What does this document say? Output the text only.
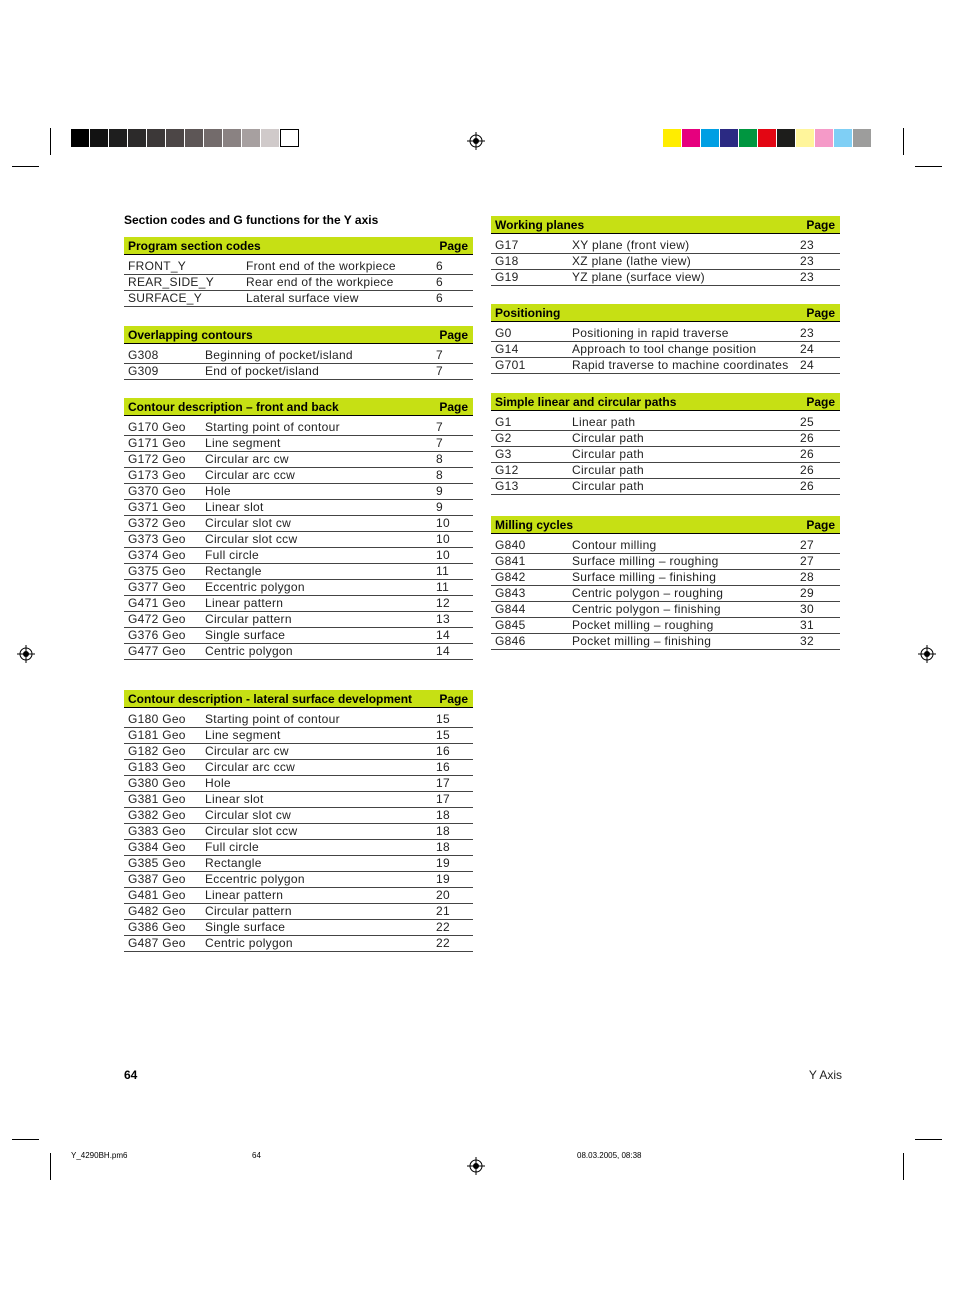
Section codes and G functions for the Y axis
Program section codes	Page
FRONT_Y	Front end of the workpiece	6
REAR_SIDE_Y	Rear end of the workpiece	6
SURFACE_Y	Lateral surface view	6
Overlapping contours	Page
G308	Beginning of pocket/island	7
G309	End of pocket/island	7
Contour description – front and back	Page
G170 Geo	Starting point of contour	7
G171 Geo	Line segment	7
G172 Geo	Circular arc cw	8
G173 Geo	Circular arc ccw	8
G370 Geo	Hole	9
G371 Geo	Linear slot	9
G372 Geo	Circular slot cw	10
G373 Geo	Circular slot ccw	10
G374 Geo	Full circle	10
G375 Geo	Rectangle	11
G377 Geo	Eccentric polygon	11
G471 Geo	Linear pattern	12
G472 Geo	Circular pattern	13
G376 Geo	Single surface	14
G477 Geo	Centric polygon	14
Contour description - lateral surface development Page
G180 Geo	Starting point of contour	15
G181 Geo	Line segment	15
G182 Geo	Circular arc cw	16
G183 Geo	Circular arc ccw	16
G380 Geo	Hole	17
G381 Geo	Linear slot	17
G382 Geo	Circular slot cw	18
G383 Geo	Circular slot ccw	18
G384 Geo	Full circle	18
G385 Geo	Rectangle	19
G387 Geo	Eccentric polygon	19
G481 Geo	Linear pattern	20
G482 Geo	Circular pattern	21
G386 Geo	Single surface	22
G487 Geo	Centric polygon	22
Working planes	Page
G17	XY plane (front view)	23
G18	XZ plane (lathe view)	23
G19	YZ plane (surface view)	23
Positioning	Page
G0	Positioning in rapid traverse	23
G14	Approach to tool change position	24
G701	Rapid traverse to machine coordinates 24
Simple linear and circular paths	Page
G1	Linear path	25
G2	Circular path	26
G3	Circular path	26
G12	Circular path	26
G13	Circular path	26
Milling cycles	Page
G840	Contour milling	27
G841	Surface milling – roughing	27
G842	Surface milling – finishing	28
G843	Centric polygon – roughing	29
G844	Centric polygon – finishing	30
G845	Pocket milling – roughing	31
G846	Pocket milling – finishing	32
64	Y Axis
Y_4290BH.pm6	64	08.03.2005, 08:38
